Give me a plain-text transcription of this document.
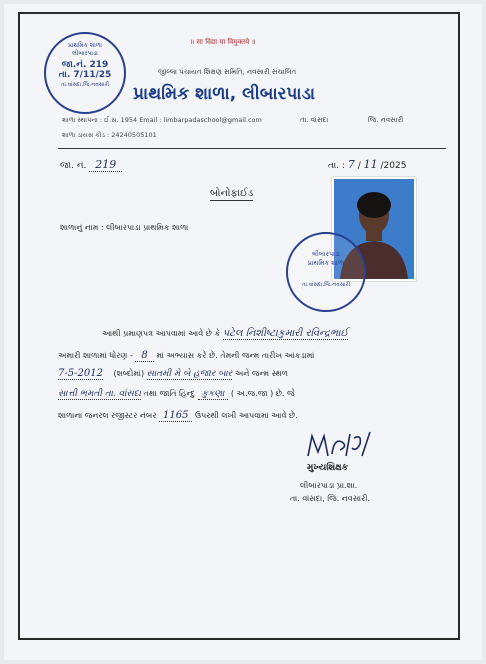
પ્રાથમિક શાળા
લીબારપાડા
જા.નં. 219
તા. 7/11/25
તા.વાંસદા,જિ.નવસારી
॥ सा विद्या या विमुक्तये ॥
જીલ્લા પંચાયત શિક્ષણ સમિતિ, નવસારી સંચાલિત
પ્રાથમિક શાળા, લીબારપાડા
શાળા સ્થાપના : ઈ.સ. 1954 Email : limbarpadaschool@gmail.com	તા. વાંસદા	જિ. નવસારી
શાળા ડાયસ કોડ : 24240505101
જા. નં. 219	તા. : 7 / 11 /2025
બોનોફાઈડ
શાળાનું નામ : લીબારપાડા પ્રાથમિક શાળા
લીબારપાડા
પ્રાથમિક શાળા
તા.વાંસદા,જિ.નવસારી
આથી પ્રમાણપત્ર આપવામાં આવે છે કે પટેલ નિશીષ્ટાકુમારી રવિન્દ્રભાઈ
અમારી શાળામાં ધોરણ - 8 માં અભ્યાસ કરે છે. તેમની જન્મ તારીખ આંકડામાં
7-5-2012 (શબ્દોમાં) સાતમી મે બે હજાર બાર અને જન્મ સ્થળ
સાત્તી ભમતી તા. વાંસદા તથા જાતિ હિન્દુ કુકણા ( અ.જ.જા ) છે. જે
શાળાના જનરલ રજીસ્ટર નંબર 1165 ઉપરથી લખી આપવામાં આવે છે.
મુખ્યશિક્ષક
લીબારપાડા પ્રા.શા.
તા. વાંસદા, જિ. નવસારી.
